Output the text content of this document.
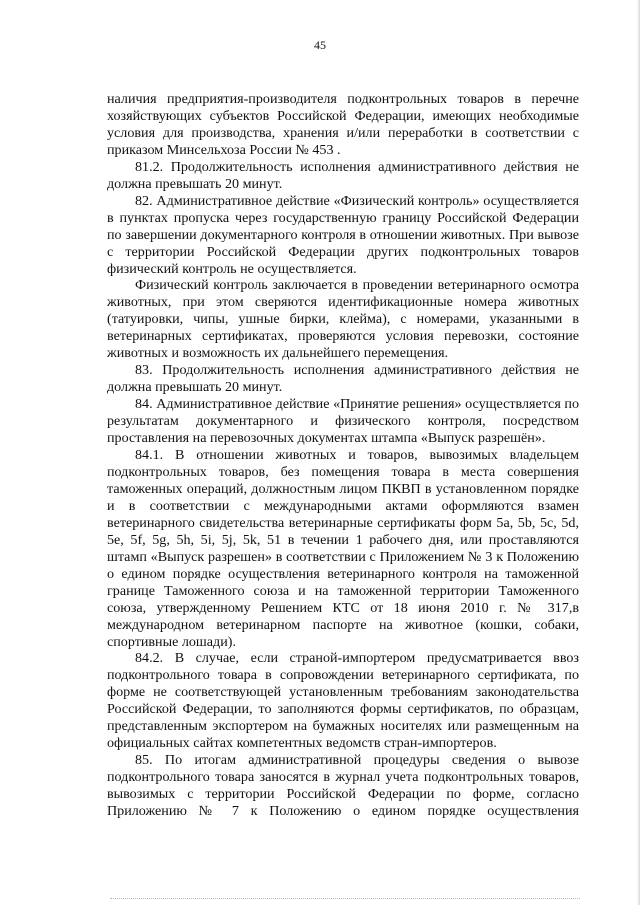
45

наличия предприятия-производителя подконтрольных товаров в перечне хозяйствующих субъектов Российской Федерации, имеющих необходимые условия для производства, хранения и/или переработки в соответствии с приказом Минсельхоза России № 453 .

81.2. Продолжительность исполнения административного действия не должна превышать 20 минут.

82. Административное действие «Физический контроль» осуществляется в пунктах пропуска через государственную границу Российской Федерации по завершении документарного контроля в отношении животных. При вывозе с территории Российской Федерации других подконтрольных товаров физический контроль не осуществляется.

Физический контроль заключается в проведении ветеринарного осмотра животных, при этом сверяются идентификационные номера животных (татуировки, чипы, ушные бирки, клейма), с номерами, указанными в ветеринарных сертификатах, проверяются условия перевозки, состояние животных и возможность их дальнейшего перемещения.

83. Продолжительность исполнения административного действия не должна превышать 20 минут.

84. Административное действие «Принятие решения» осуществляется по результатам документарного и физического контроля, посредством проставления на перевозочных документах штампа «Выпуск разрешён».

84.1. В отношении животных и товаров, вывозимых владельцем подконтрольных товаров, без помещения товара в места совершения таможенных операций, должностным лицом ПКВП в установленном порядке и в соответствии с международными актами оформляются взамен ветеринарного свидетельства ветеринарные сертификаты форм 5a, 5b, 5c, 5d, 5e, 5f, 5g, 5h, 5i, 5j, 5k, 51 в течении 1 рабочего дня, или проставляются штамп «Выпуск разрешен» в соответствии с Приложением № 3 к Положению о едином порядке осуществления ветеринарного контроля на таможенной границе Таможенного союза и на таможенной территории Таможенного союза, утвержденному Решением КТС от 18 июня 2010 г. № 317,в международном ветеринарном паспорте на животное (кошки, собаки, спортивные лошади).

84.2. В случае, если страной-импортером предусматривается ввоз подконтрольного товара в сопровождении ветеринарного сертификата, по форме не соответствующей установленным требованиям законодательства Российской Федерации, то заполняются формы сертификатов, по образцам, представленным экспортером на бумажных носителях или размещенным на официальных сайтах компетентных ведомств стран-импортеров.

85. По итогам административной процедуры сведения о вывозе подконтрольного товара заносятся в журнал учета подконтрольных товаров, вывозимых с территории Российской Федерации по форме, согласно Приложению № 7 к Положению о едином порядке осуществления
